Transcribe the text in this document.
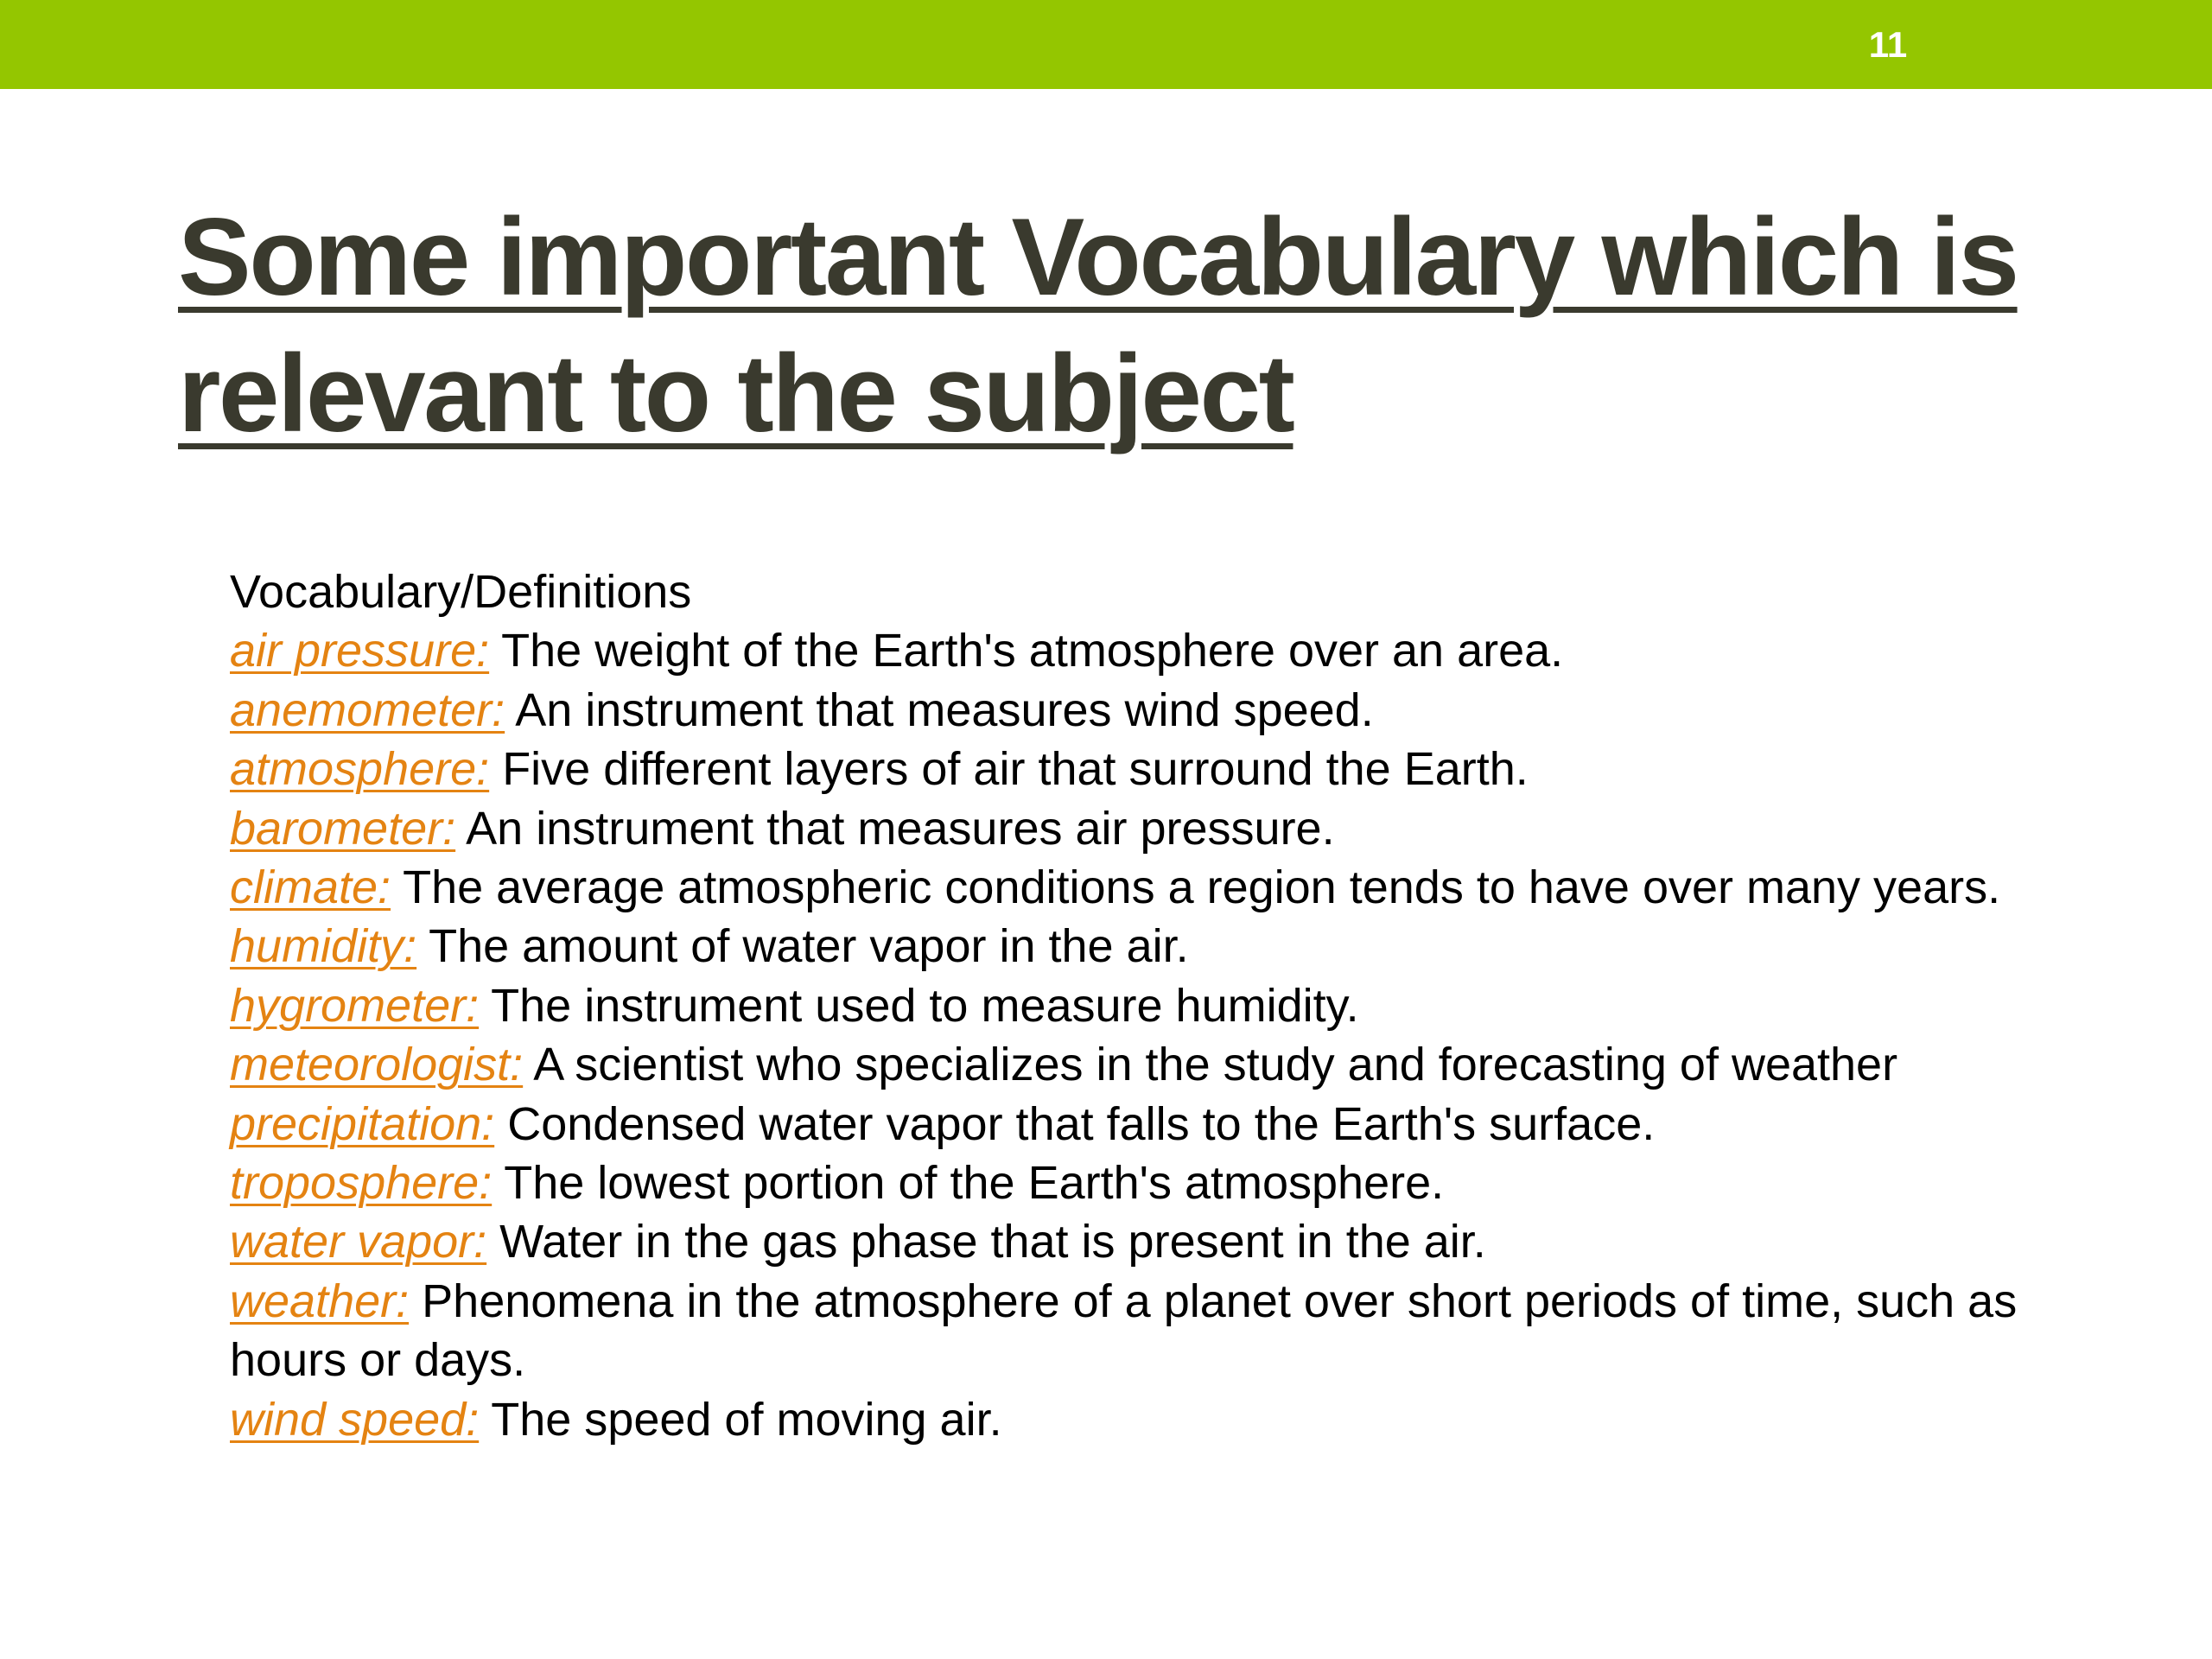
11
Some important Vocabulary which is relevant to the subject
Vocabulary/Definitions
air pressure: The weight of the Earth's atmosphere over an area.
anemometer: An instrument that measures wind speed.
atmosphere: Five different layers of air that surround the Earth.
barometer: An instrument that measures air pressure.
climate: The average atmospheric conditions a region tends to have over many years.
humidity: The amount of water vapor in the air.
hygrometer: The instrument used to measure humidity.
meteorologist: A scientist who specializes in the study and forecasting of weather
precipitation: Condensed water vapor that falls to the Earth's surface.
troposphere: The lowest portion of the Earth's atmosphere.
water vapor: Water in the gas phase that is present in the air.
weather: Phenomena in the atmosphere of a planet over short periods of time, such as hours or days.
wind speed: The speed of moving air.
